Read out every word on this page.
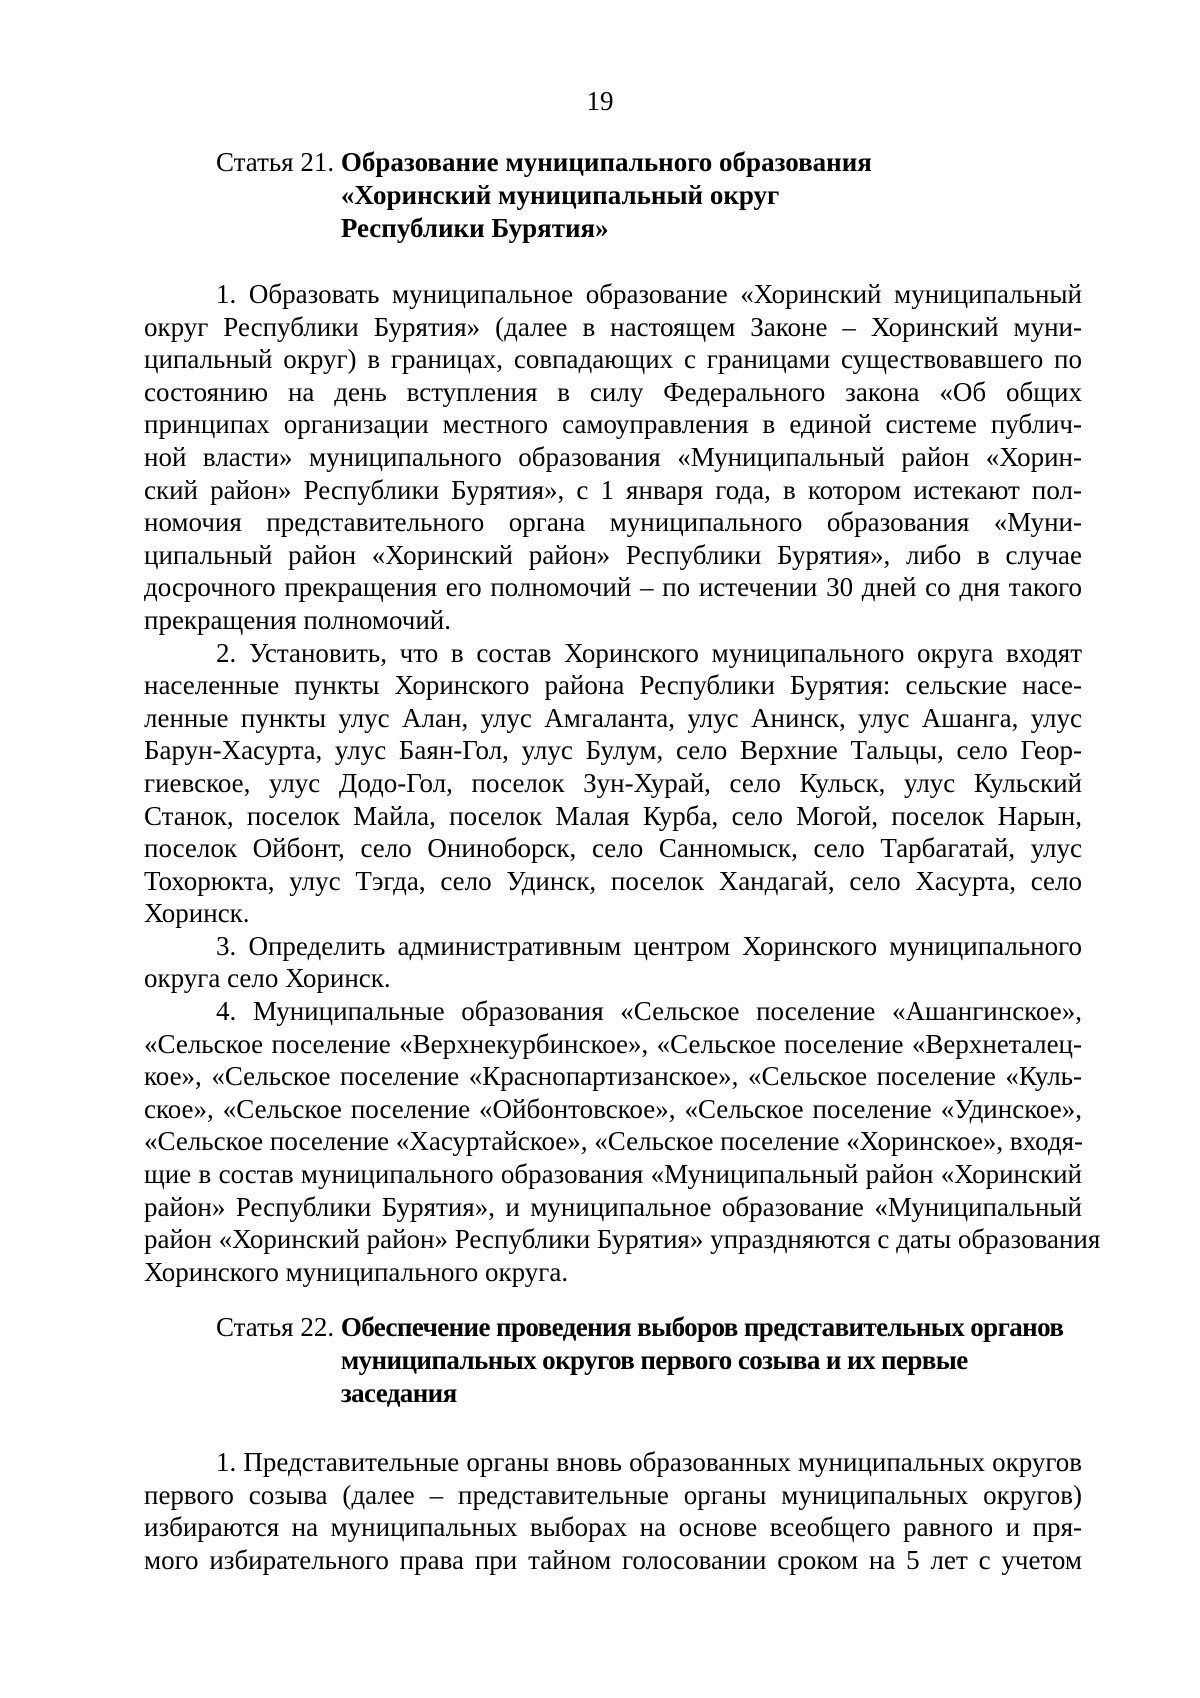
19
Статья 21. Образование муниципального образования
«Хоринский муниципальный округ
Республики Бурятия»
1. Образовать муниципальное образование «Хоринский муниципальный
округ Республики Бурятия» (далее в настоящем Законе – Хоринский муни-
ципальный округ) в границах, совпадающих с границами существовавшего по
состоянию на день вступления в силу Федерального закона «Об общих
принципах организации местного самоуправления в единой системе публич-
ной власти» муниципального образования «Муниципальный район «Хорин-
ский район» Республики Бурятия», с 1 января года, в котором истекают пол-
номочия представительного органа муниципального образования «Муни-
ципальный район «Хоринский район» Республики Бурятия», либо в случае
досрочного прекращения его полномочий – по истечении 30 дней со дня такого
прекращения полномочий.
2. Установить, что в состав Хоринского муниципального округа входят
населенные пункты Хоринского района Республики Бурятия: сельские насе-
ленные пункты улус Алан, улус Амгаланта, улус Анинск, улус Ашанга, улус
Барун-Хасурта, улус Баян-Гол, улус Булум, село Верхние Тальцы, село Геор-
гиевское, улус Додо-Гол, поселок Зун-Хурай, село Кульск, улус Кульский
Станок, поселок Майла, поселок Малая Курба, село Могой, поселок Нарын,
поселок Ойбонт, село Ониноборск, село Санномыск, село Тарбагатай, улус
Тохорюкта, улус Тэгда, село Удинск, поселок Хандагай, село Хасурта, село
Хоринск.
3. Определить административным центром Хоринского муниципального
округа село Хоринск.
4. Муниципальные образования «Сельское поселение «Ашангинское»,
«Сельское поселение «Верхнекурбинское», «Сельское поселение «Верхнеталец-
кое», «Сельское поселение «Краснопартизанское», «Сельское поселение «Куль-
ское», «Сельское поселение «Ойбонтовское», «Сельское поселение «Удинское»,
«Сельское поселение «Хасуртайское», «Сельское поселение «Хоринское», входя-
щие в состав муниципального образования «Муниципальный район «Хоринский
район» Республики Бурятия», и муниципальное образование «Муниципальный
район «Хоринский район» Республики Бурятия» упраздняются с даты образования
Хоринского муниципального округа.
Статья 22. Обеспечение проведения выборов представительных органов
муниципальных округов первого созыва и их первые
заседания
1. Представительные органы вновь образованных муниципальных округов
первого созыва (далее – представительные органы муниципальных округов)
избираются на муниципальных выборах на основе всеобщего равного и пря-
мого избирательного права при тайном голосовании сроком на 5 лет с учетом
